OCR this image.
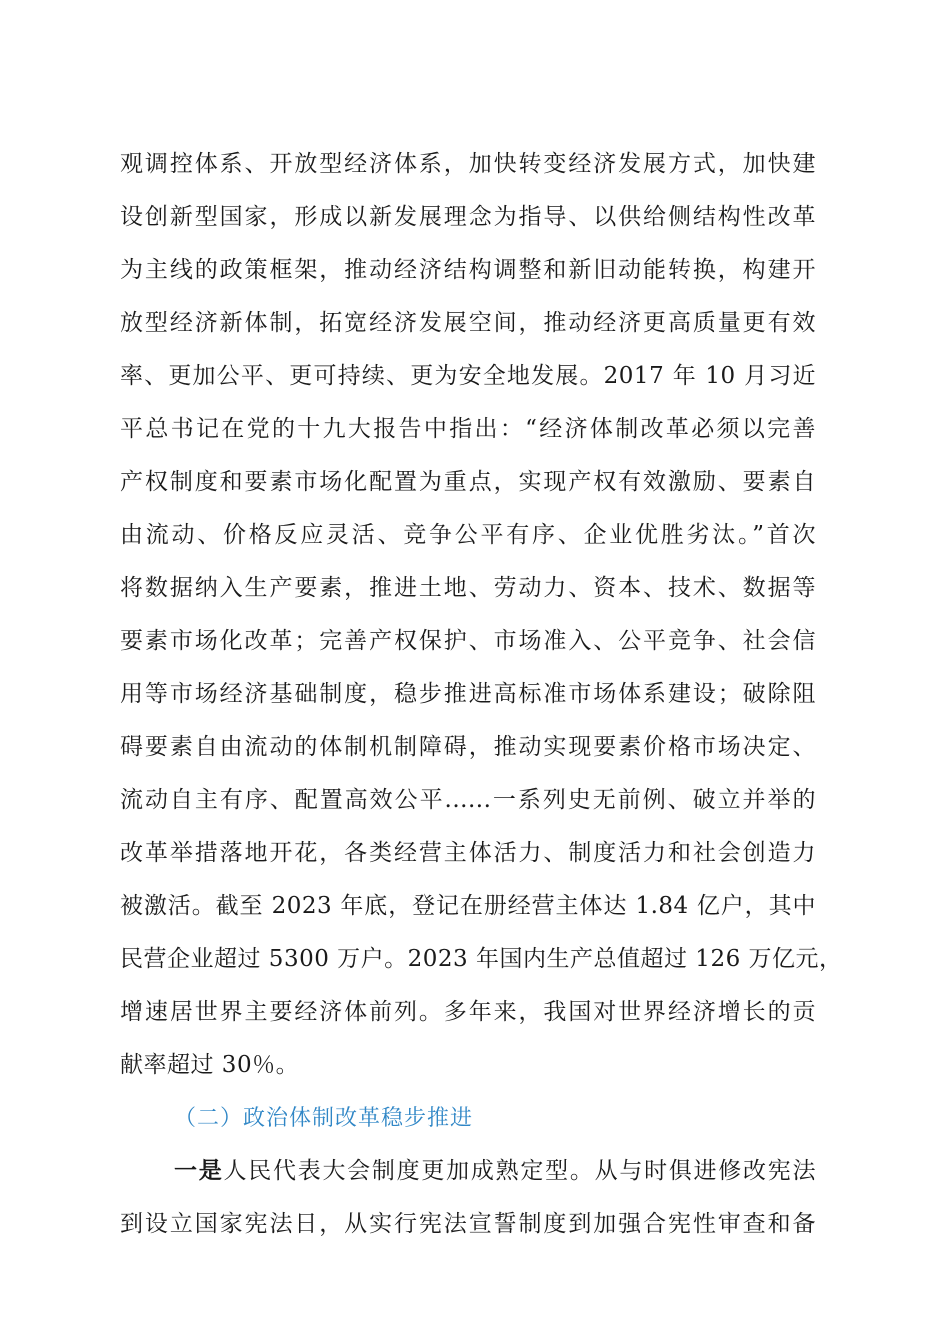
观调控体系、开放型经济体系，加快转变经济发展方式，加快建
设创新型国家，形成以新发展理念为指导、以供给侧结构性改革
为主线的政策框架，推动经济结构调整和新旧动能转换，构建开
放型经济新体制，拓宽经济发展空间，推动经济更高质量更有效
率、更加公平、更可持续、更为安全地发展。2017 年 10 月习近
平总书记在党的十九大报告中指出：“经济体制改革必须以完善
产权制度和要素市场化配置为重点，实现产权有效激励、要素自
由流动、价格反应灵活、竞争公平有序、企业优胜劣汰。”首次
将数据纳入生产要素，推进土地、劳动力、资本、技术、数据等
要素市场化改革；完善产权保护、市场准入、公平竞争、社会信
用等市场经济基础制度，稳步推进高标准市场体系建设；破除阻
碍要素自由流动的体制机制障碍，推动实现要素价格市场决定、
流动自主有序、配置高效公平......一系列史无前例、破立并举的
改革举措落地开花，各类经营主体活力、制度活力和社会创造力
被激活。截至 2023 年底，登记在册经营主体达 1.84 亿户，其中
民营企业超过 5300 万户。2023 年国内生产总值超过 126 万亿元，
增速居世界主要经济体前列。多年来，我国对世界经济增长的贡
献率超过 30％。
（二）政治体制改革稳步推进
一是人民代表大会制度更加成熟定型。从与时俱进修改宪法
到设立国家宪法日，从实行宪法宣誓制度到加强合宪性审查和备
